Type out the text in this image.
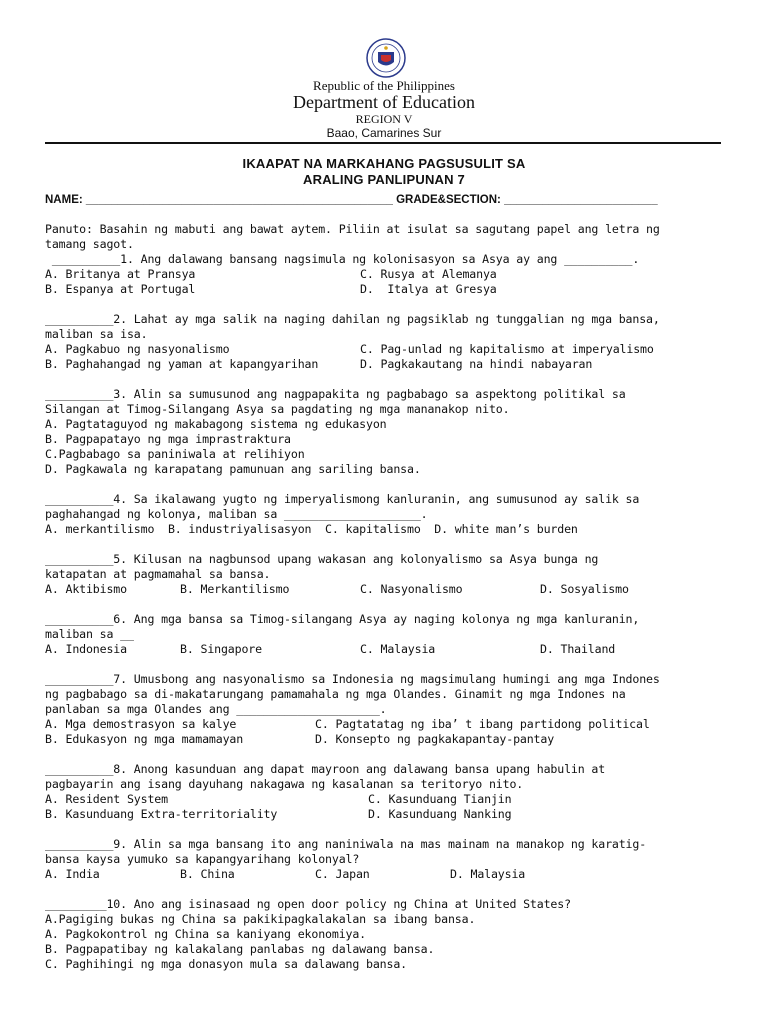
Republic of the Philippines
Department of Education
REGION V
Baao, Camarines Sur
IKAAPAT NA MARKAHANG PAGSUSULIT SA
ARALING PANLIPUNAN 7
NAME: ________________________________________________ GRADE&SECTION: ________________________
Panuto: Basahin ng mabuti ang bawat aytem. Piliin at isulat sa sagutang papel ang letra ng
tamang sagot.
__________1. Ang dalawang bansang nagsimula ng kolonisasyon sa Asya ay ang __________.
A. Britanya at Pransya	C. Rusya at Alemanya
B. Espanya at Portugal	D.  Italya at Gresya
__________2. Lahat ay mga salik na naging dahilan ng pagsiklab ng tunggalian ng mga bansa,
maliban sa isa.
A. Pagkabuo ng nasyonalismo	C. Pag-unlad ng kapitalismo at imperyalismo
B. Paghahangad ng yaman at kapangyarihan	D. Pagkakautang na hindi nabayaran
__________3. Alin sa sumusunod ang nagpapakita ng pagbabago sa aspektong politikal sa
Silangan at Timog-Silangang Asya sa pagdating ng mga mananakop nito.
A. Pagtataguyod ng makabagong sistema ng edukasyon
B. Pagpapatayo ng mga imprastraktura
C.Pagbabago sa paniniwala at relihiyon
D. Pagkawala ng karapatang pamunuan ang sariling bansa.
__________4. Sa ikalawang yugto ng imperyalismong kanluranin, ang sumusunod ay salik sa
paghahangad ng kolonya, maliban sa ____________________.
A. merkantilismo  B. industriyalisasyon  C. kapitalismo  D. white man’s burden
__________5. Kilusan na nagbunsod upang wakasan ang kolonyalismo sa Asya bunga ng
katapatan at pagmamahal sa bansa.
A. Aktibismo	B. Merkantilismo	C. Nasyonalismo	D. Sosyalismo
__________6. Ang mga bansa sa Timog-silangang Asya ay naging kolonya ng mga kanluranin,
maliban sa __
A. Indonesia	B. Singapore	C. Malaysia	D. Thailand
__________7. Umusbong ang nasyonalismo sa Indonesia ng magsimulang humingi ang mga Indones
ng pagbabago sa di-makatarungang pamamahala ng mga Olandes. Ginamit ng mga Indones na
panlaban sa mga Olandes ang _____________________.
A. Mga demostrasyon sa kalye	C. Pagtatatag ng iba’ t ibang partidong political
B. Edukasyon ng mga mamamayan	D. Konsepto ng pagkakapantay-pantay
__________8. Anong kasunduan ang dapat mayroon ang dalawang bansa upang habulin at
pagbayarin ang isang dayuhang nakagawa ng kasalanan sa teritoryo nito.
A. Resident System	C. Kasunduang Tianjin
B. Kasunduang Extra-territoriality	D. Kasunduang Nanking
__________9. Alin sa mga bansang ito ang naniniwala na mas mainam na manakop ng karatig-
bansa kaysa yumuko sa kapangyarihang kolonyal?
A. India	B. China	C. Japan	D. Malaysia
_________10. Ano ang isinasaad ng open door policy ng China at United States?
A.Pagiging bukas ng China sa pakikipagkalakalan sa ibang bansa.
A. Pagkokontrol ng China sa kaniyang ekonomiya.
B. Pagpapatibay ng kalakalang panlabas ng dalawang bansa.
C. Paghihingi ng mga donasyon mula sa dalawang bansa.
